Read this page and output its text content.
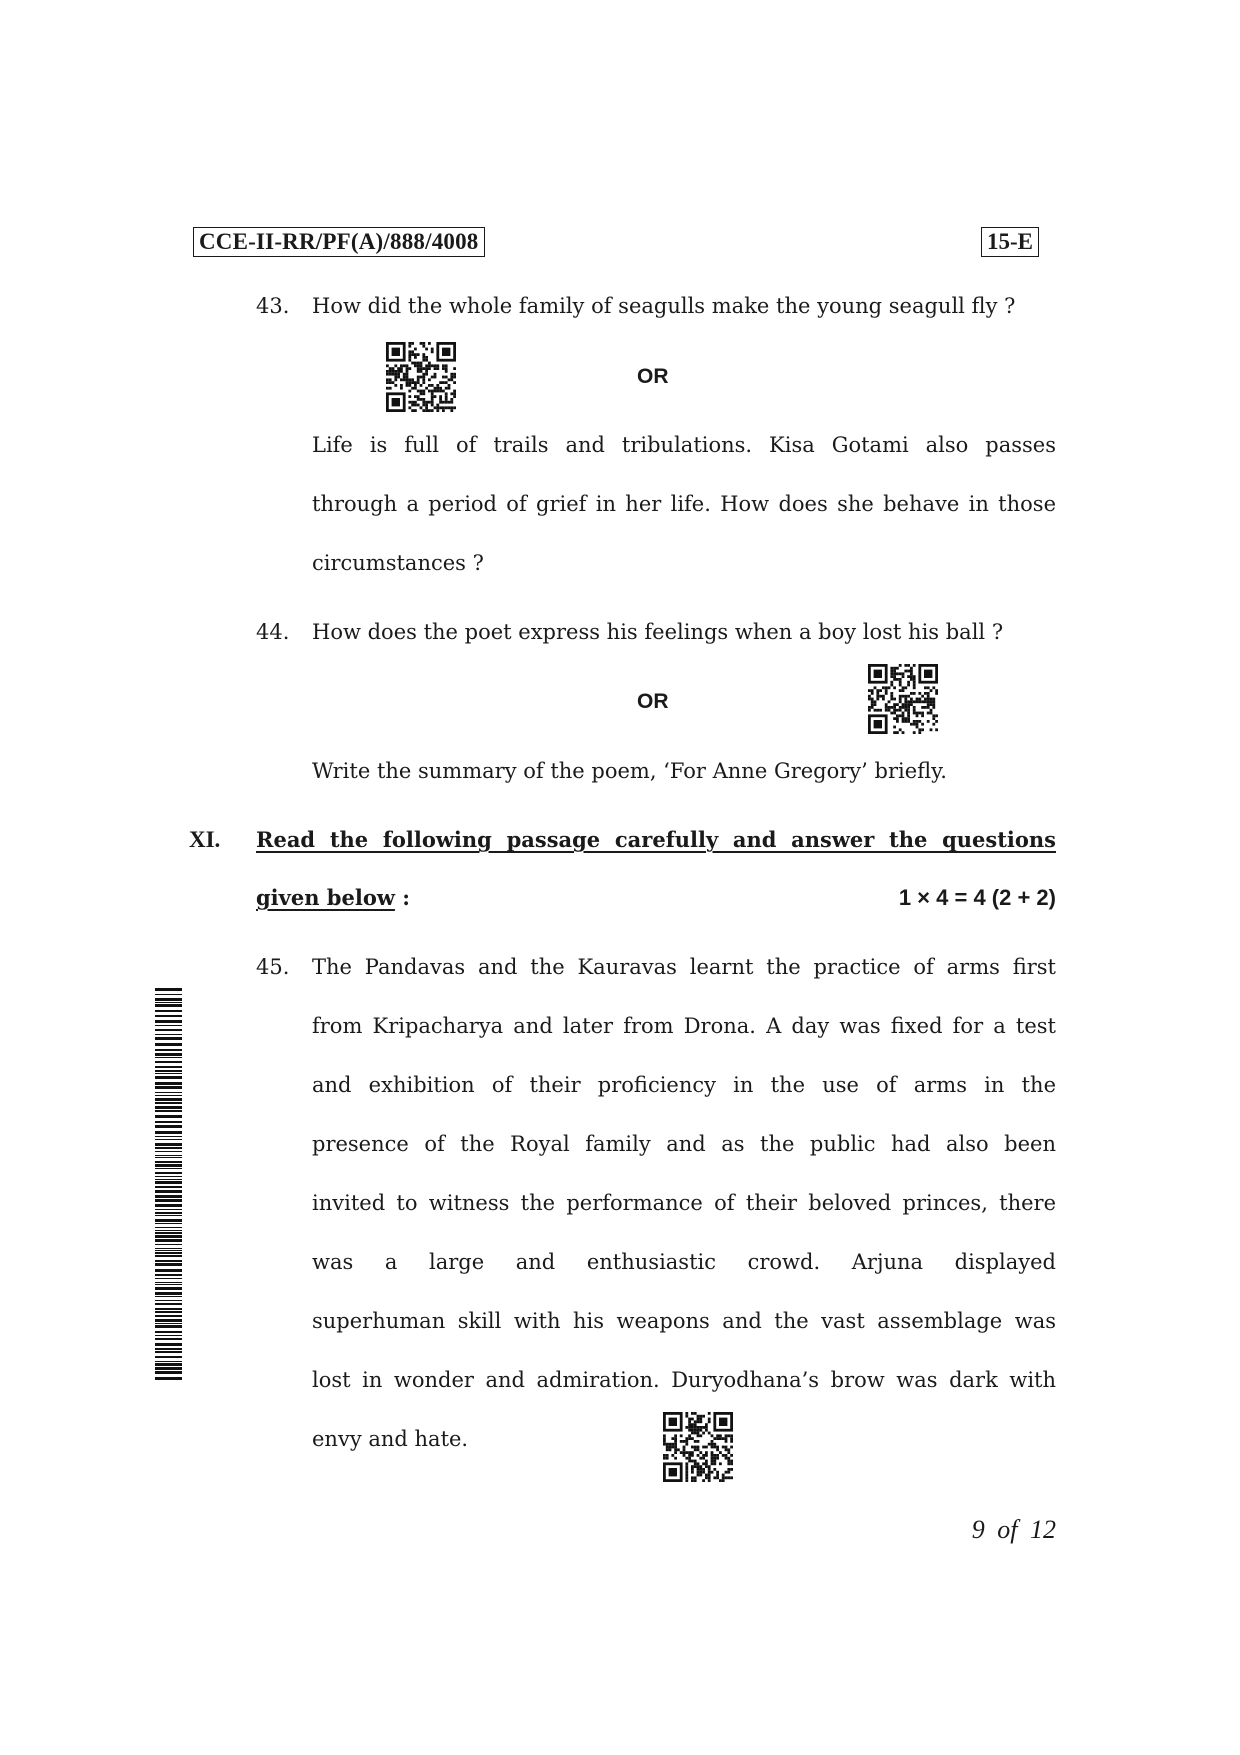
CCE-II-RR/PF(A)/888/4008	15-E
43. How did the whole family of seagulls make the young seagull fly ?
OR
Life is full of trails and tribulations. Kisa Gotami also passes
through a period of grief in her life. How does she behave in those
circumstances ?
44. How does the poet express his feelings when a boy lost his ball ?
OR
Write the summary of the poem, ‘For Anne Gregory’ briefly.
XI. Read the following passage carefully and answer the questions
given below :	1 × 4 = 4 (2 + 2)
45. The Pandavas and the Kauravas learnt the practice of arms first
from Kripacharya and later from Drona. A day was fixed for a test
and exhibition of their proficiency in the use of arms in the
presence of the Royal family and as the public had also been
invited to witness the performance of their beloved princes, there
was a large and enthusiastic crowd. Arjuna displayed
superhuman skill with his weapons and the vast assemblage was
lost in wonder and admiration. Duryodhana’s brow was dark with
envy and hate.
9 of 12
